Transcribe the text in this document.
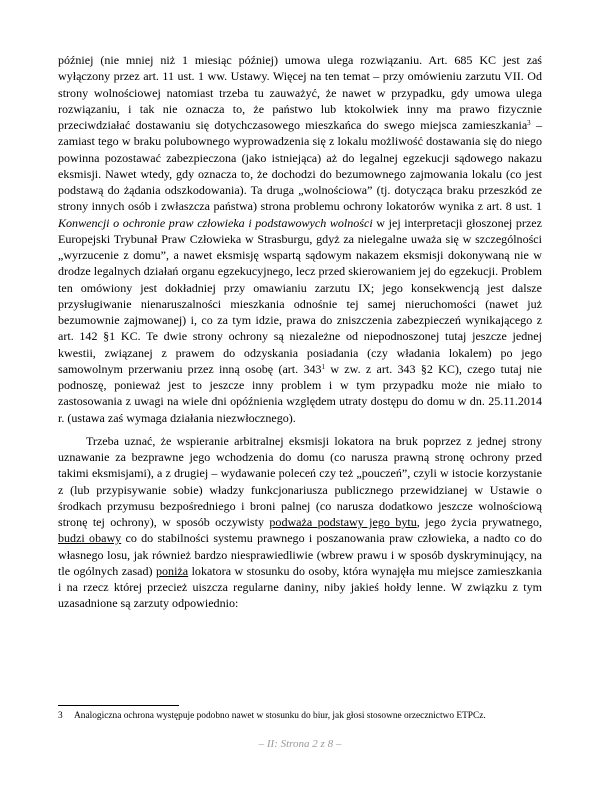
później (nie mniej niż 1 miesiąc później) umowa ulega rozwiązaniu. Art. 685 KC jest zaś wyłączony przez art. 11 ust. 1 ww. Ustawy. Więcej na ten temat – przy omówieniu zarzutu VII. Od strony wolnościowej natomiast trzeba tu zauważyć, że nawet w przypadku, gdy umowa ulega rozwiązaniu, i tak nie oznacza to, że państwo lub ktokolwiek inny ma prawo fizycznie przeciwdziałać dostawaniu się dotychczasowego mieszkańca do swego miejsca zamieszkania$^3$ – zamiast tego w braku polubownego wyprowadzenia się z lokalu możliwość dostawania się do niego powinna pozostawać zabezpieczona (jako istniejąca) aż do legalnej egzekucji sądowego nakazu eksmisji. Nawet wtedy, gdy oznacza to, że dochodzi do bezumownego zajmowania lokalu (co jest podstawą do żądania odszkodowania). Ta druga „wolnościowa” (tj. dotycząca braku przeszkód ze strony innych osób i zwłaszcza państwa) strona problemu ochrony lokatorów wynika z art. 8 ust. 1 Konwencji o ochronie praw człowieka i podstawowych wolności w jej interpretacji głoszonej przez Europejski Trybunał Praw Człowieka w Strasburgu, gdyż za nielegalne uważa się w szczególności „wyrzucenie z domu”, a nawet eksmisję wspartą sądowym nakazem eksmisji dokonywaną nie w drodze legalnych działań organu egzekucyjnego, lecz przed skierowaniem jej do egzekucji. Problem ten omówiony jest dokładniej przy omawianiu zarzutu IX; jego konsekwencją jest dalsze przysługiwanie nienaruszalności mieszkania odnośnie tej samej nieruchomości (nawet już bezumownie zajmowanej) i, co za tym idzie, prawa do zniszczenia zabezpieczeń wynikającego z art. 142 §1 KC. Te dwie strony ochrony są niezależne od niepodnoszonej tutaj jeszcze jednej kwestii, związanej z prawem do odzyskania posiadania (czy władania lokalem) po jego samowolnym przerwaniu przez inną osobę (art. $343^1$ w zw. z art. 343 §2 KC), czego tutaj nie podnoszę, ponieważ jest to jeszcze inny problem i w tym przypadku może nie miało to zastosowania z uwagi na wiele dni opóźnienia względem utraty dostępu do domu w dn. 25.11.2014 r. (ustawa zaś wymaga działania niezwłocznego).

Trzeba uznać, że wspieranie arbitralnej eksmisji lokatora na bruk poprzez z jednej strony uznawanie za bezprawne jego wchodzenia do domu (co narusza prawną stronę ochrony przed takimi eksmisjami), a z drugiej – wydawanie poleceń czy też „pouczeń”, czyli w istocie korzystanie z (lub przypisywanie sobie) władzy funkcjonariusza publicznego przewidzianej w Ustawie o środkach przymusu bezpośredniego i broni palnej (co narusza dodatkowo jeszcze wolnościową stronę tej ochrony), w sposób oczywisty podważa podstawy jego bytu, jego życia prywatnego, budzi obawy co do stabilności systemu prawnego i poszanowania praw człowieka, a nadto co do własnego losu, jak również bardzo niesprawiedliwie (wbrew prawu i w sposób dyskryminujący, na tle ogólnych zasad) poniża lokatora w stosunku do osoby, która wynajęła mu miejsce zamieszkania i na rzecz której przecież uiszcza regularne daniny, niby jakieś hołdy lenne. W związku z tym uzasadnione są zarzuty odpowiednio:

3 Analogiczna ochrona występuje podobno nawet w stosunku do biur, jak głosi stosowne orzecznictwo ETPCz.
– II: Strona 2 z 8 –
